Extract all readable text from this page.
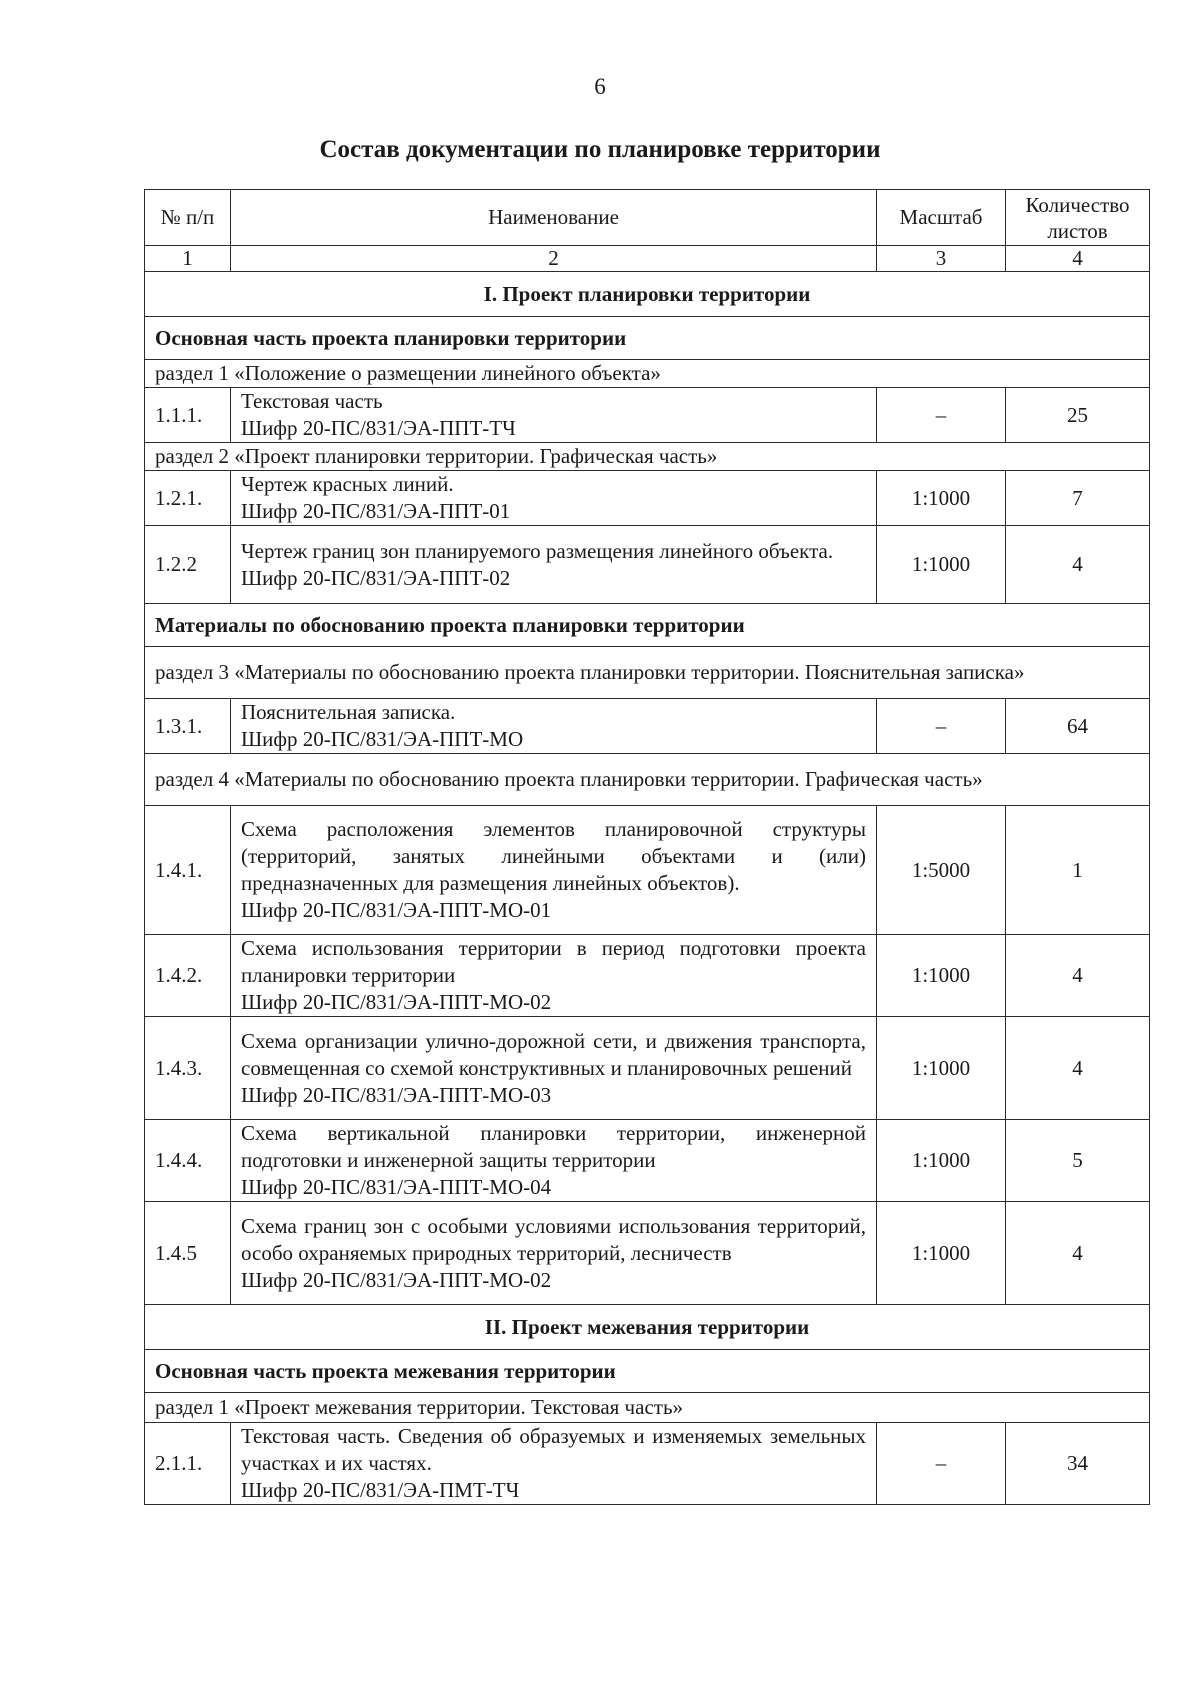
6
Состав документации по планировке территории
№ п/п	Наименование	Масштаб	Количество листов
1	2	3	4
I. Проект планировки территории			
Основная часть проекта планировки территории			
раздел 1 «Положение о размещении линейного объекта»			
1.1.1.	Текстовая часть
Шифр 20-ПС/831/ЭА-ППТ-ТЧ	–	25
раздел 2 «Проект планировки территории. Графическая часть»			
1.2.1.	Чертеж красных линий.
Шифр 20-ПС/831/ЭА-ППТ-01	1:1000	7
1.2.2	Чертеж границ зон планируемого размещения линейного объекта.
Шифр 20-ПС/831/ЭА-ППТ-02	1:1000	4
Материалы по обоснованию проекта планировки территории			
раздел 3 «Материалы по обоснованию проекта планировки территории. Пояснительная записка»			
1.3.1.	Пояснительная записка.
Шифр 20-ПС/831/ЭА-ППТ-МО	–	64
раздел 4 «Материалы по обоснованию проекта планировки территории. Графическая часть»			
1.4.1.	Схема расположения элементов планировочной структуры (территорий, занятых линейными объектами и (или) предназначенных для размещения линейных объектов).
Шифр 20-ПС/831/ЭА-ППТ-МО-01	1:5000	1
1.4.2.	Схема использования территории в период подготовки проекта планировки территории
Шифр 20-ПС/831/ЭА-ППТ-МО-02	1:1000	4
1.4.3.	Схема организации улично-дорожной сети, и движения транспорта, совмещенная со схемой конструктивных и планировочных решений
Шифр 20-ПС/831/ЭА-ППТ-МО-03	1:1000	4
1.4.4.	Схема вертикальной планировки территории, инженерной подготовки и инженерной защиты территории
Шифр 20-ПС/831/ЭА-ППТ-МО-04	1:1000	5
1.4.5	Схема границ зон с особыми условиями использования территорий, особо охраняемых природных территорий, лесничеств
Шифр 20-ПС/831/ЭА-ППТ-МО-02	1:1000	4
II. Проект межевания территории			
Основная часть проекта межевания территории			
раздел 1 «Проект межевания территории. Текстовая часть»			
2.1.1.	Текстовая часть. Сведения об образуемых и изменяемых земельных участках и их частях.
Шифр 20-ПС/831/ЭА-ПМТ-ТЧ	–	34
